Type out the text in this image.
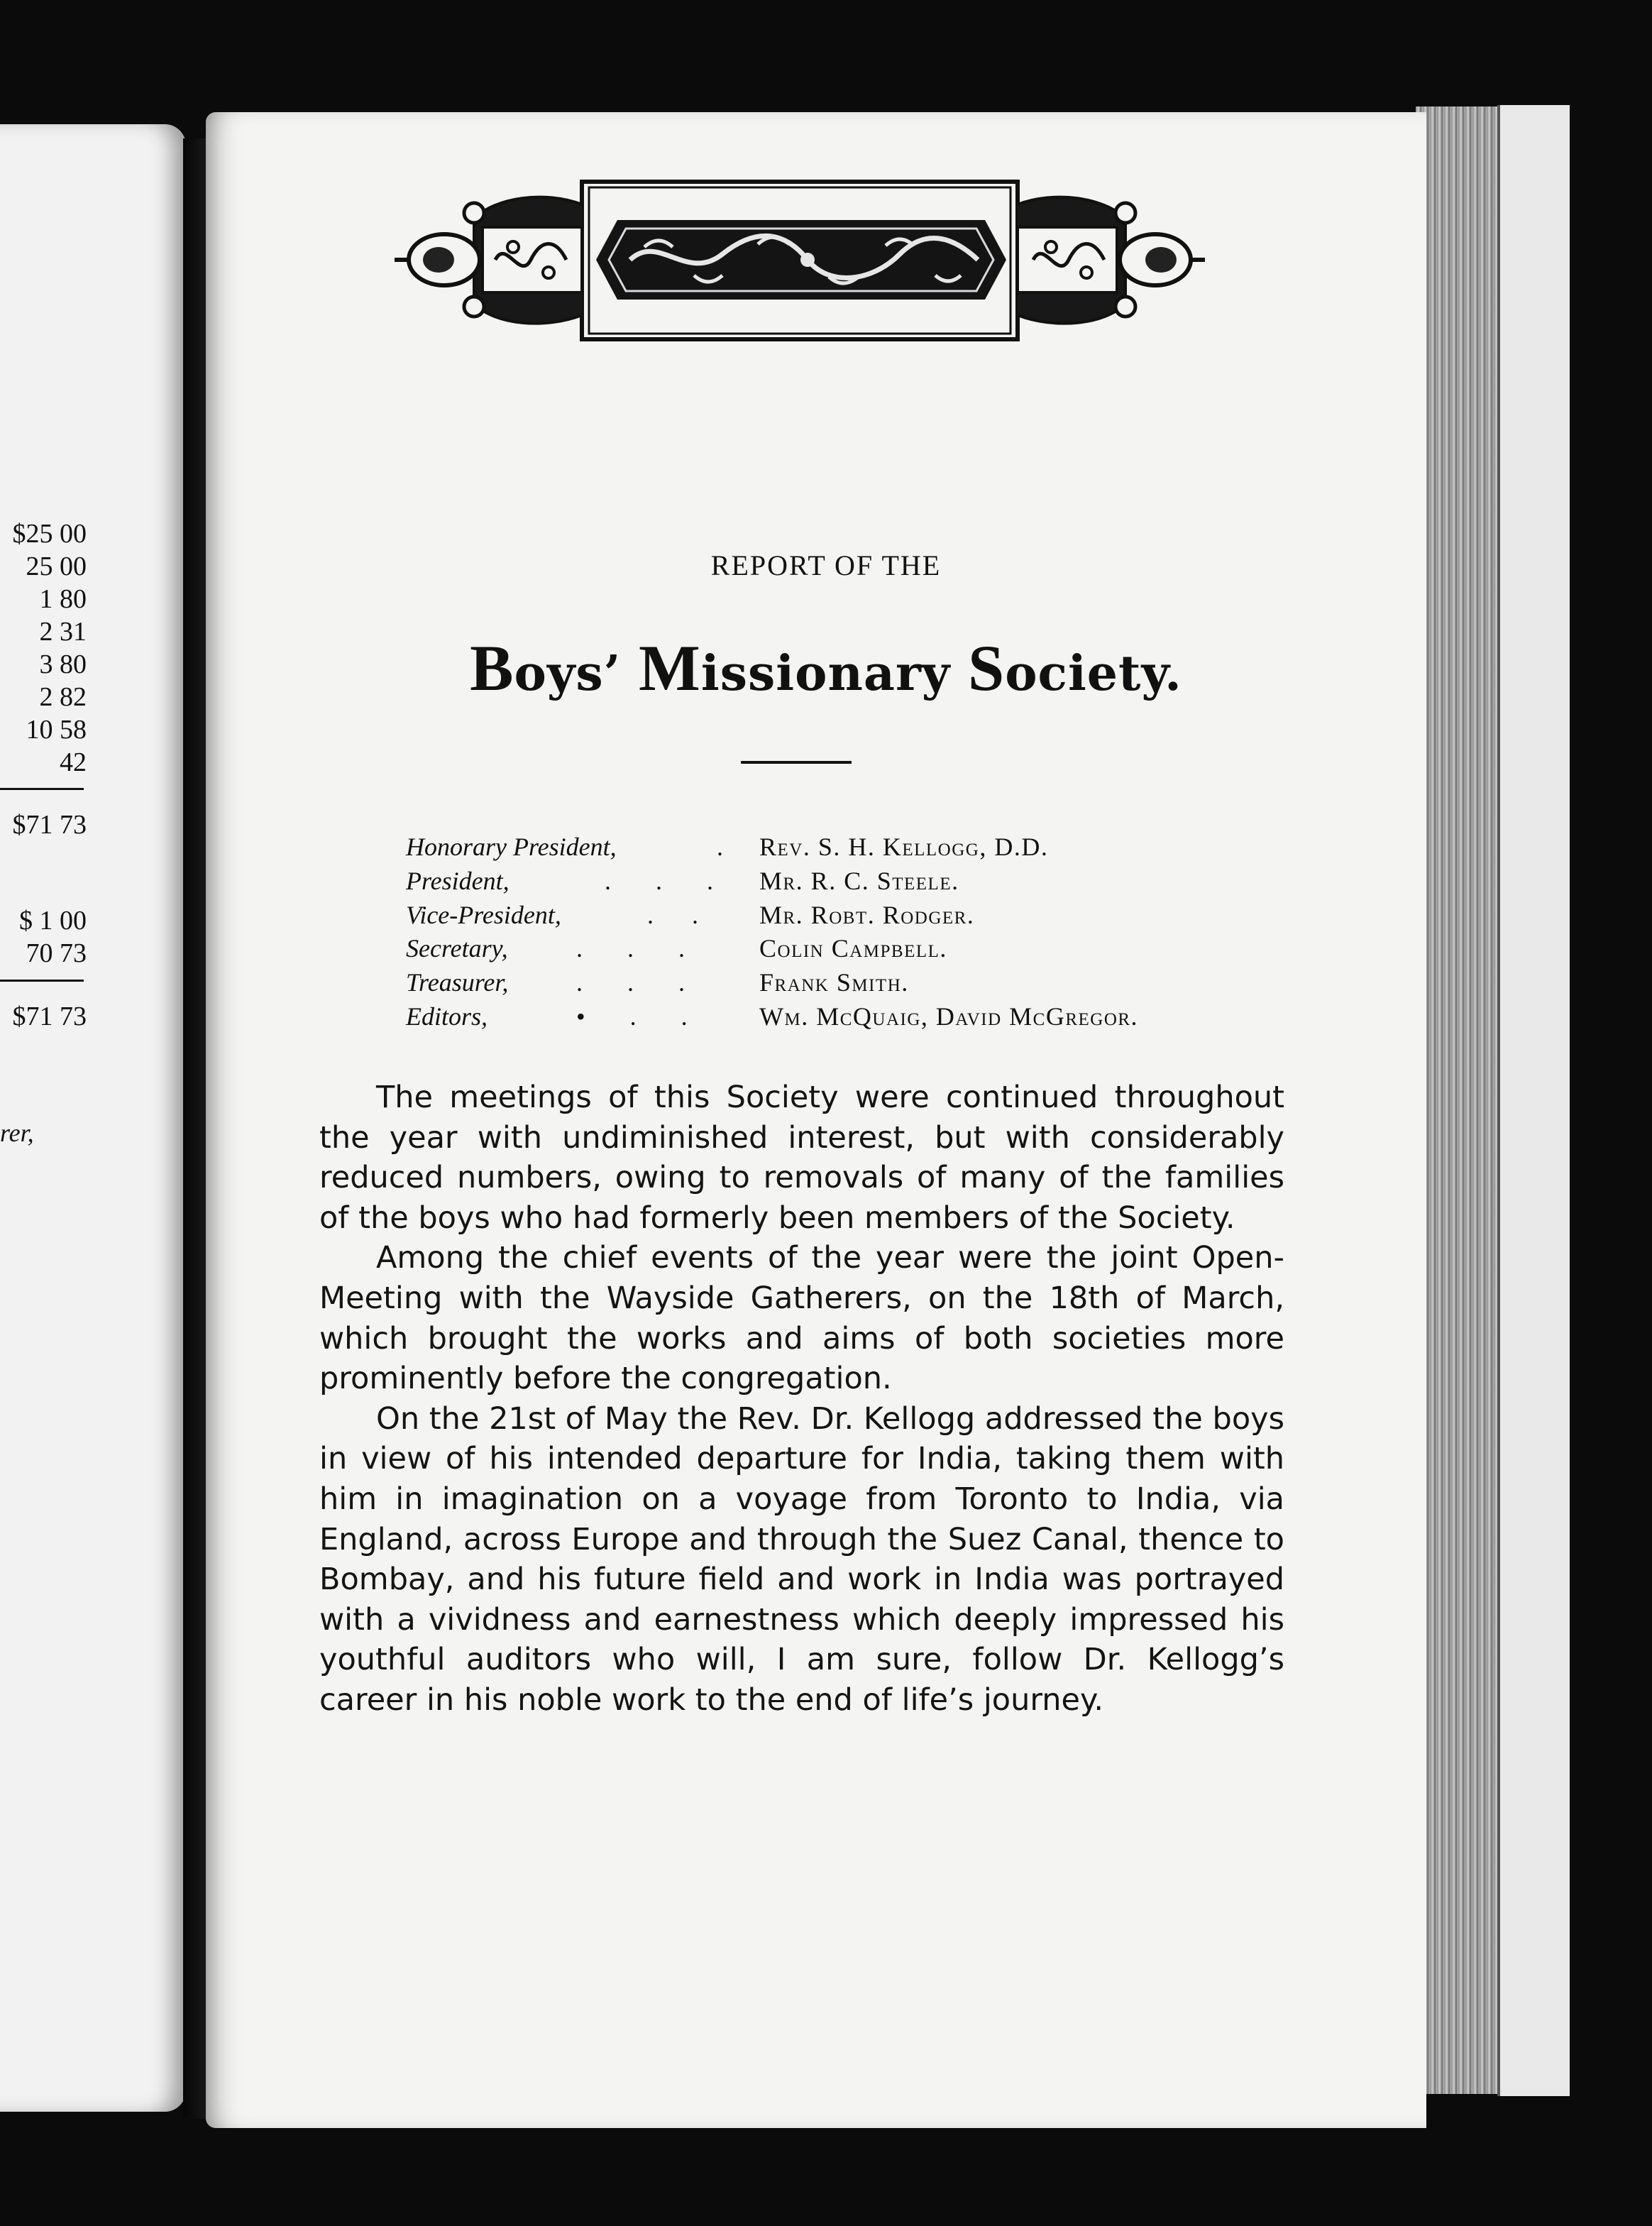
$25 00
25 00
1 80
2 31
3 80
2 82
10 58
42
$71 73
$ 1 00
70 73
$71 73
rer,
REPORT OF THE
Boys’ Missionary Society.
Honorary President,	. Rev. S. H. Kellogg, D.D.
President,	.       .       . Mr. R. C. Steele.
Vice-President,	.      . Mr. Robt. Rodger.
Secretary,	.       .       .	Colin Campbell.
Treasurer,	.       .       .	Frank Smith.
Editors,	•       .       .	Wm. McQuaig, David McGregor.

The meetings of this Society were continued throughout the year with undiminished interest, but with considerably reduced numbers, owing to removals of many of the families of the boys who had formerly been members of the Society.

Among the chief events of the year were the joint Open-Meeting with the Wayside Gatherers, on the 18th of March, which brought the works and aims of both societies more prominently before the congregation.

On the 21st of May the Rev. Dr. Kellogg addressed the boys in view of his intended departure for India, taking them with him in imagination on a voyage from Toronto to India, via England, across Europe and through the Suez Canal, thence to Bombay, and his future field and work in India was portrayed with a vividness and earnestness which deeply impressed his youthful auditors who will, I am sure, follow Dr. Kellogg’s career in his noble work to the end of life’s journey.
